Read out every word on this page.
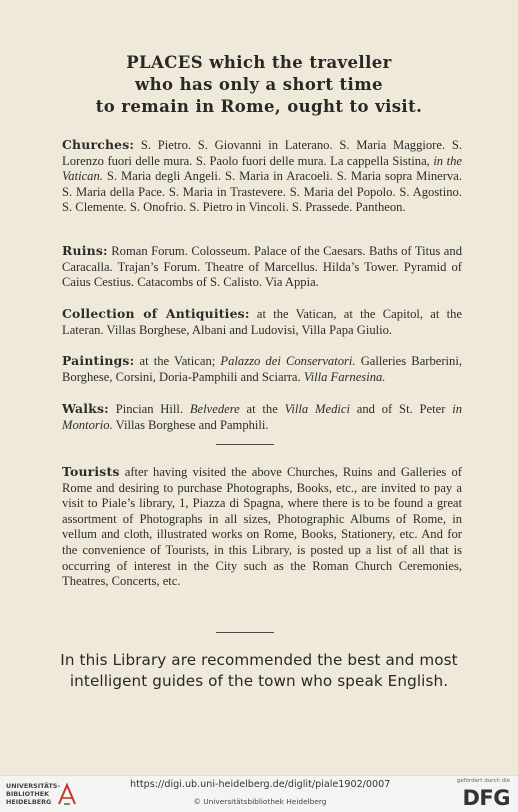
PLACES which the traveller
who has only a short time
to remain in Rome, ought to visit.
Churches: S. Pietro. S. Giovanni in Laterano. S. Maria Maggiore. S. Lorenzo fuori delle mura. S. Paolo fuori delle mura. La cappella Sistina, in the Vatican. S. Maria degli Angeli. S. Maria in Aracoeli. S. Maria sopra Minerva. S. Maria della Pace. S. Maria in Trastevere. S. Maria del Popolo. S. Agostino. S. Clemente. S. Onofrio. S. Pietro in Vincoli. S. Prassede. Pantheon.
Ruins: Roman Forum. Colosseum. Palace of the Caesars. Baths of Titus and Caracalla. Trajan’s Forum. Theatre of Marcellus. Hilda’s Tower. Pyramid of Caius Cestius. Catacombs of S. Calisto. Via Appia.
Collection of Antiquities: at the Vatican, at the Capitol, at the Lateran. Villas Borghese, Albani and Ludovisi, Villa Papa Giulio.
Paintings: at the Vatican; Palazzo dei Conservatori. Galleries Barberini, Borghese, Corsini, Doria-Pamphili and Sciarra. Villa Farnesina.
Walks: Pincian Hill. Belvedere at the Villa Medici and of St. Peter in Montorio. Villas Borghese and Pamphili.
Tourists after having visited the above Churches, Ruins and Galleries of Rome and desiring to purchase Photographs, Books, etc., are invited to pay a visit to Piale’s library, 1, Piazza di Spagna, where there is to be found a great assortment of Photographs in all sizes, Photographic Albums of Rome, in vellum and cloth, illustrated works on Rome, Books, Stationery, etc. And for the convenience of Tourists, in this Library, is posted up a list of all that is occurring of interest in the City such as the Roman Church Ceremonies, Theatres, Concerts, etc.
In this Library are recommended the best and most
intelligent guides of the town who speak English.
UNIVERSITÄTS-
BIBLIOTHEK
HEIDELBERG
https://digi.ub.uni-heidelberg.de/diglit/piale1902/0007
© Universitätsbibliothek Heidelberg
gefördert durch die
DFG
